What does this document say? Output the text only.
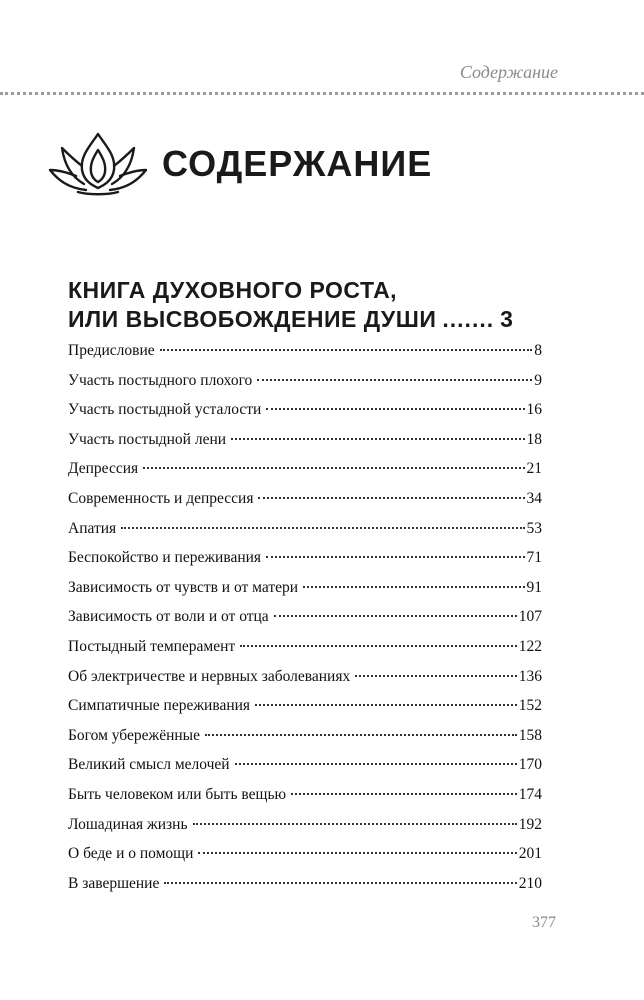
Содержание
СОДЕРЖАНИЕ
КНИГА ДУХОВНОГО РОСТА,
ИЛИ ВЫСВОБОЖДЕНИЕ ДУШИ ....... 3
Предисловие	8
Участь постыдного плохого	9
Участь постыдной усталости	16
Участь постыдной лени	18
Депрессия	21
Современность и депрессия	34
Апатия	53
Беспокойство и переживания	71
Зависимость от чувств и от матери	91
Зависимость от воли и от отца	107
Постыдный темперамент	122
Об электричестве и нервных заболеваниях	136
Симпатичные переживания	152
Богом убережённые	158
Великий смысл мелочей	170
Быть человеком или быть вещью	174
Лошадиная жизнь	192
О беде и о помощи	201
В завершение	210
377
